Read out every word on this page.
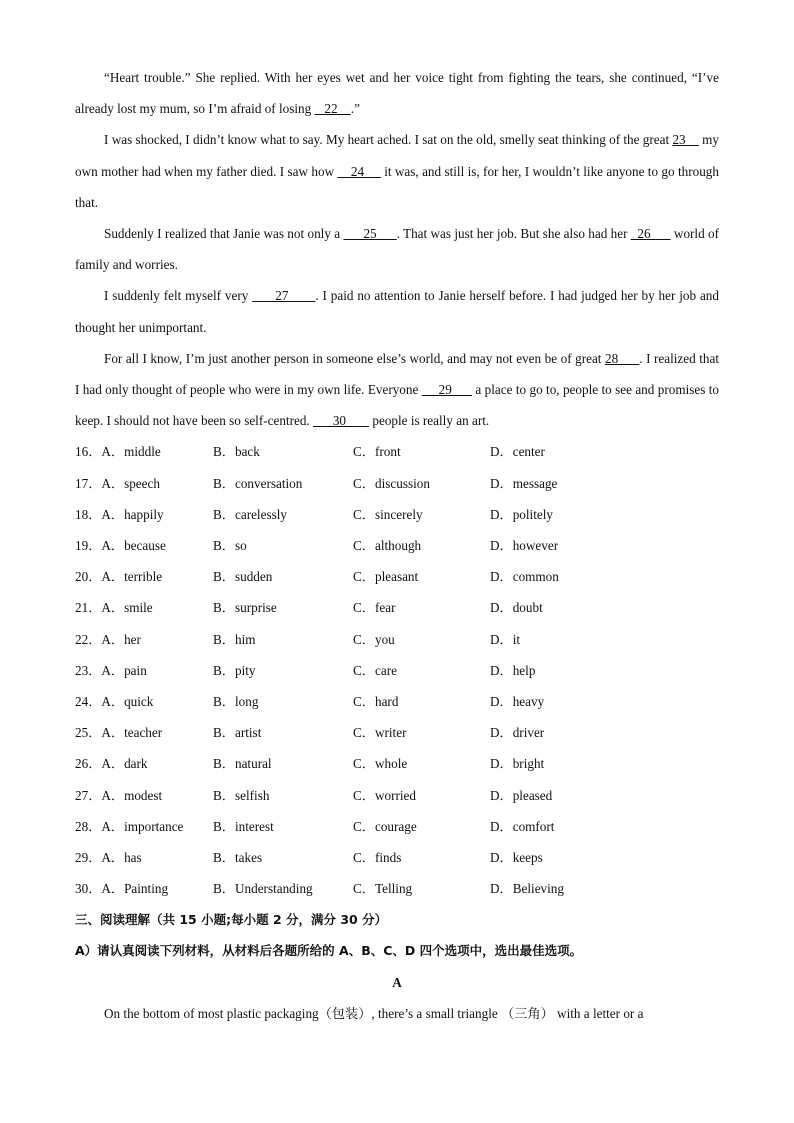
“Heart trouble.” She replied. With her eyes wet and her voice tight from fighting the tears, she continued, “I’ve already lost my mum, so I’m afraid of losing    22    .”

I was shocked, I didn’t know what to say. My heart ached. I sat on the old, smelly seat thinking of the great 23     my own mother had when my father died. I saw how     24      it was, and still is, for her, I wouldn’t like anyone to go through that.

Suddenly I realized that Janie was not only a       25      . That was just her job. But she also had her _26       world of family and worries.

I suddenly felt myself very       27       . I paid no attention to Janie herself before. I had judged her by her job and thought her unimportant.

For all I know, I’m just another person in someone else’s world, and may not even be of great 28      . I realized that I had only thought of people who were in my own life. Everyone      29       a place to go to, people to see and promises to keep. I should not have been so self-centred.       30        people is really an art.

16．A．middle	B．back	C．front	D．center
17．A．speech	B．conversation	C．discussion	D．message
18．A．happily	B．carelessly	C．sincerely	D．politely
19．A．because	B．so	C．although	D．however
20．A．terrible	B．sudden	C．pleasant	D．common
21．A．smile	B．surprise	C．fear	D．doubt
22．A．her	B．him	C．you	D．it
23．A．pain	B．pity	C．care	D．help
24．A．quick	B．long	C．hard	D．heavy
25．A．teacher	B．artist	C．writer	D．driver
26．A．dark	B．natural	C．whole	D．bright
27．A．modest	B．selfish	C．worried	D．pleased
28．A．importance B．interest	C．courage	D．comfort
29．A．has	B．takes	C．finds	D．keeps
30．A．Painting	B．Understanding	C．Telling	D．Believing

三、阅读理解（共 15 小题;每小题 2 分，满分 30 分）

A）请认真阅读下列材料，从材料后各题所给的 A、B、C、D 四个选项中，选出最佳选项。

A

On the bottom of most plastic packaging（包装）, there’s a small triangle （三角） with a letter or a
